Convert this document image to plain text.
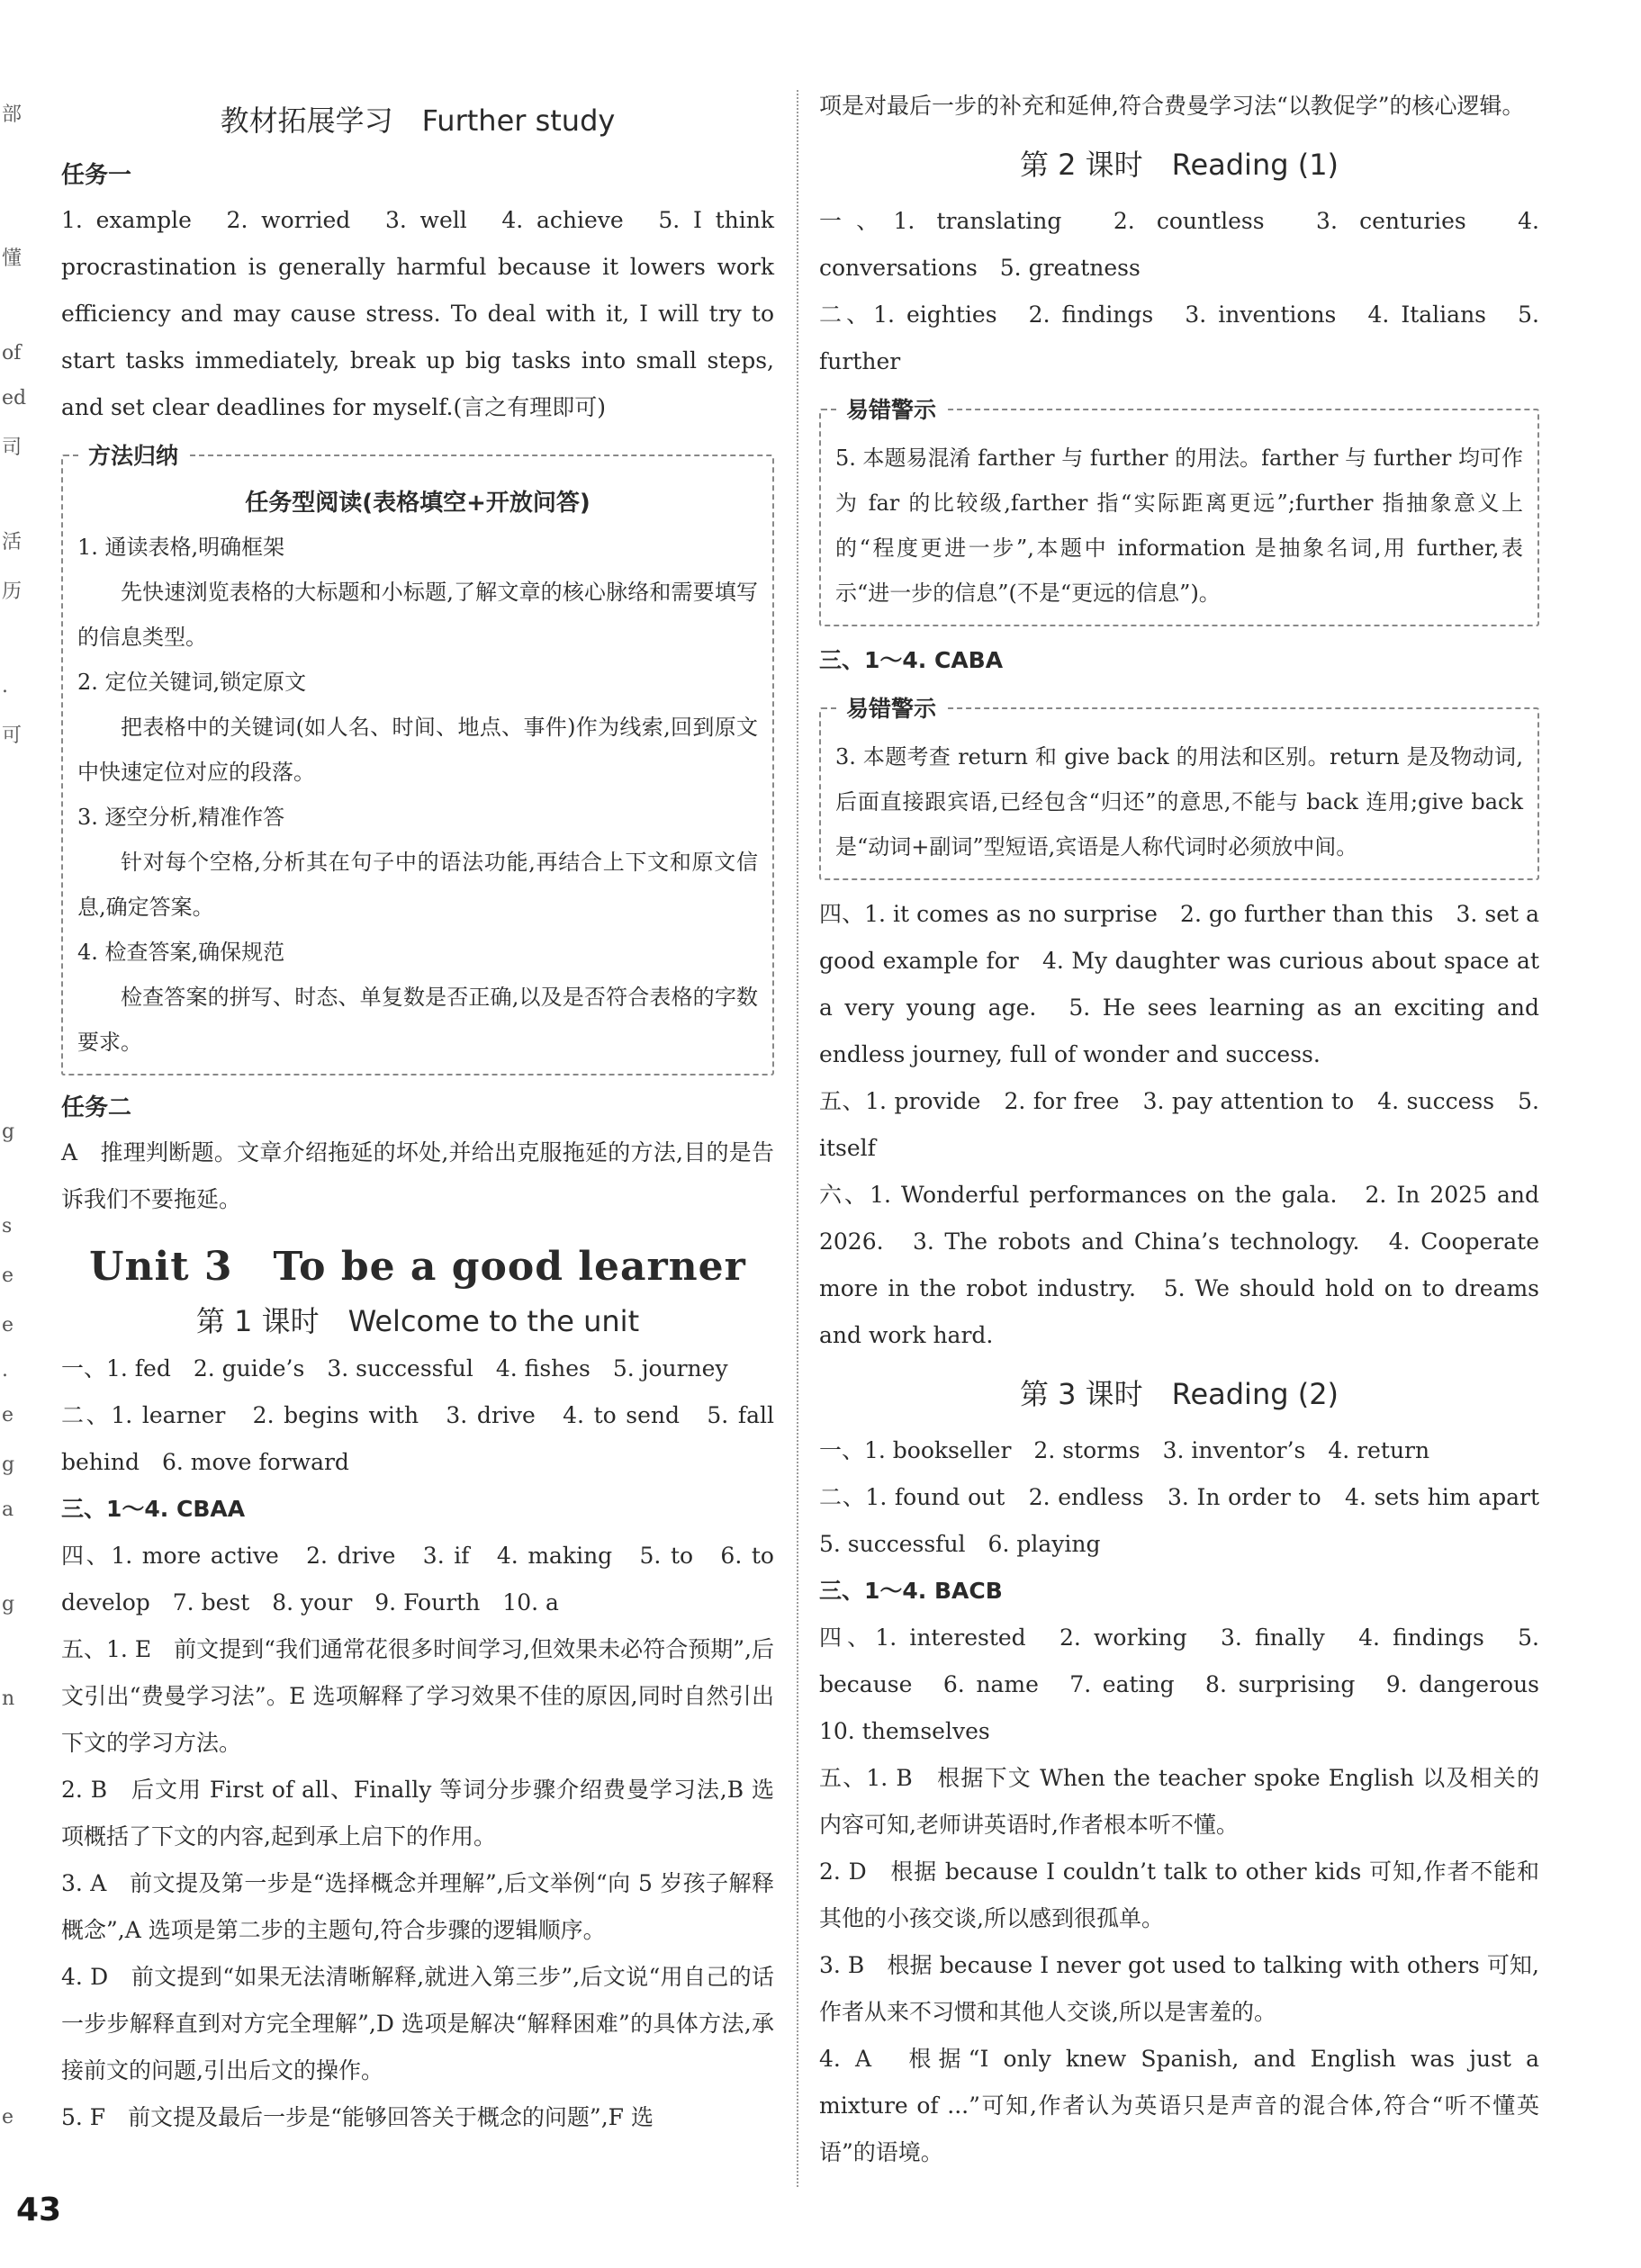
部
懂
of
ed
司
活
历
.
可
g
s
e
e
.
e
g
a
g
n
e
教材拓展学习　Further study
任务一

1. example　2. worried　3. well　4. achieve　5. I think procrastination is generally harmful because it lowers work efficiency and may cause stress. To deal with it, I will try to start tasks immediately, break up big tasks into small steps, and set clear deadlines for myself.(言之有理即可)

方法归纳
任务型阅读(表格填空+开放问答)

1. 通读表格,明确框架

先快速浏览表格的大标题和小标题,了解文章的核心脉络和需要填写的信息类型。

2. 定位关键词,锁定原文

把表格中的关键词(如人名、时间、地点、事件)作为线索,回到原文中快速定位对应的段落。

3. 逐空分析,精准作答

针对每个空格,分析其在句子中的语法功能,再结合上下文和原文信息,确定答案。

4. 检查答案,确保规范

检查答案的拼写、时态、单复数是否正确,以及是否符合表格的字数要求。

任务二

A　推理判断题。文章介绍拖延的坏处,并给出克服拖延的方法,目的是告诉我们不要拖延。

Unit 3　To be a good learner
第 1 课时　Welcome to the unit

一、1. fed　2. guide’s　3. successful　4. fishes　5. journey

二、1. learner　2. begins with　3. drive　4. to send　5. fall behind　6. move forward

三、1～4. CBAA

四、1. more active　2. drive　3. if　4. making　5. to　6. to develop　7. best　8. your　9. Fourth　10. a

五、1. E　前文提到“我们通常花很多时间学习,但效果未必符合预期”,后文引出“费曼学习法”。E 选项解释了学习效果不佳的原因,同时自然引出下文的学习方法。

2. B　后文用 First of all、Finally 等词分步骤介绍费曼学习法,B 选项概括了下文的内容,起到承上启下的作用。

3. A　前文提及第一步是“选择概念并理解”,后文举例“向 5 岁孩子解释概念”,A 选项是第二步的主题句,符合步骤的逻辑顺序。

4. D　前文提到“如果无法清晰解释,就进入第三步”,后文说“用自己的话一步步解释直到对方完全理解”,D 选项是解决“解释困难”的具体方法,承接前文的问题,引出后文的操作。

5. F　前文提及最后一步是“能够回答关于概念的问题”,F 选

项是对最后一步的补充和延伸,符合费曼学习法“以教促学”的核心逻辑。

第 2 课时　Reading (1)

一、1. translating　2. countless　3. centuries　4. conversations　5. greatness

二、1. eighties　2. findings　3. inventions　4. Italians　5. further

易错警示

5. 本题易混淆 farther 与 further 的用法。farther 与 further 均可作为 far 的比较级,farther 指“实际距离更远”;further 指抽象意义上的“程度更进一步”,本题中 information 是抽象名词,用 further,表示“进一步的信息”(不是“更远的信息”)。

三、1～4. CABA

易错警示

3. 本题考查 return 和 give back 的用法和区别。return 是及物动词,后面直接跟宾语,已经包含“归还”的意思,不能与 back 连用;give back 是“动词+副词”型短语,宾语是人称代词时必须放中间。

四、1. it comes as no surprise　2. go further than this　3. set a good example for　4. My daughter was curious about space at a very young age.　5. He sees learning as an exciting and endless journey, full of wonder and success.

五、1. provide　2. for free　3. pay attention to　4. success　5. itself

六、1. Wonderful performances on the gala.　2. In 2025 and 2026.　3. The robots and China’s technology.　4. Cooperate more in the robot industry.　5. We should hold on to dreams and work hard.

第 3 课时　Reading (2)

一、1. bookseller　2. storms　3. inventor’s　4. return

二、1. found out　2. endless　3. In order to　4. sets him apart　5. successful　6. playing

三、1～4. BACB

四、1. interested　2. working　3. finally　4. findings　5. because　6. name　7. eating　8. surprising　9. dangerous　10. themselves

五、1. B　根据下文 When the teacher spoke English 以及相关的内容可知,老师讲英语时,作者根本听不懂。

2. D　根据 because I couldn’t talk to other kids 可知,作者不能和其他的小孩交谈,所以感到很孤单。

3. B　根据 because I never got used to talking with others 可知,作者从来不习惯和其他人交谈,所以是害羞的。

4. A　根据“I only knew Spanish, and English was just a mixture of ...”可知,作者认为英语只是声音的混合体,符合“听不懂英语”的语境。

43
